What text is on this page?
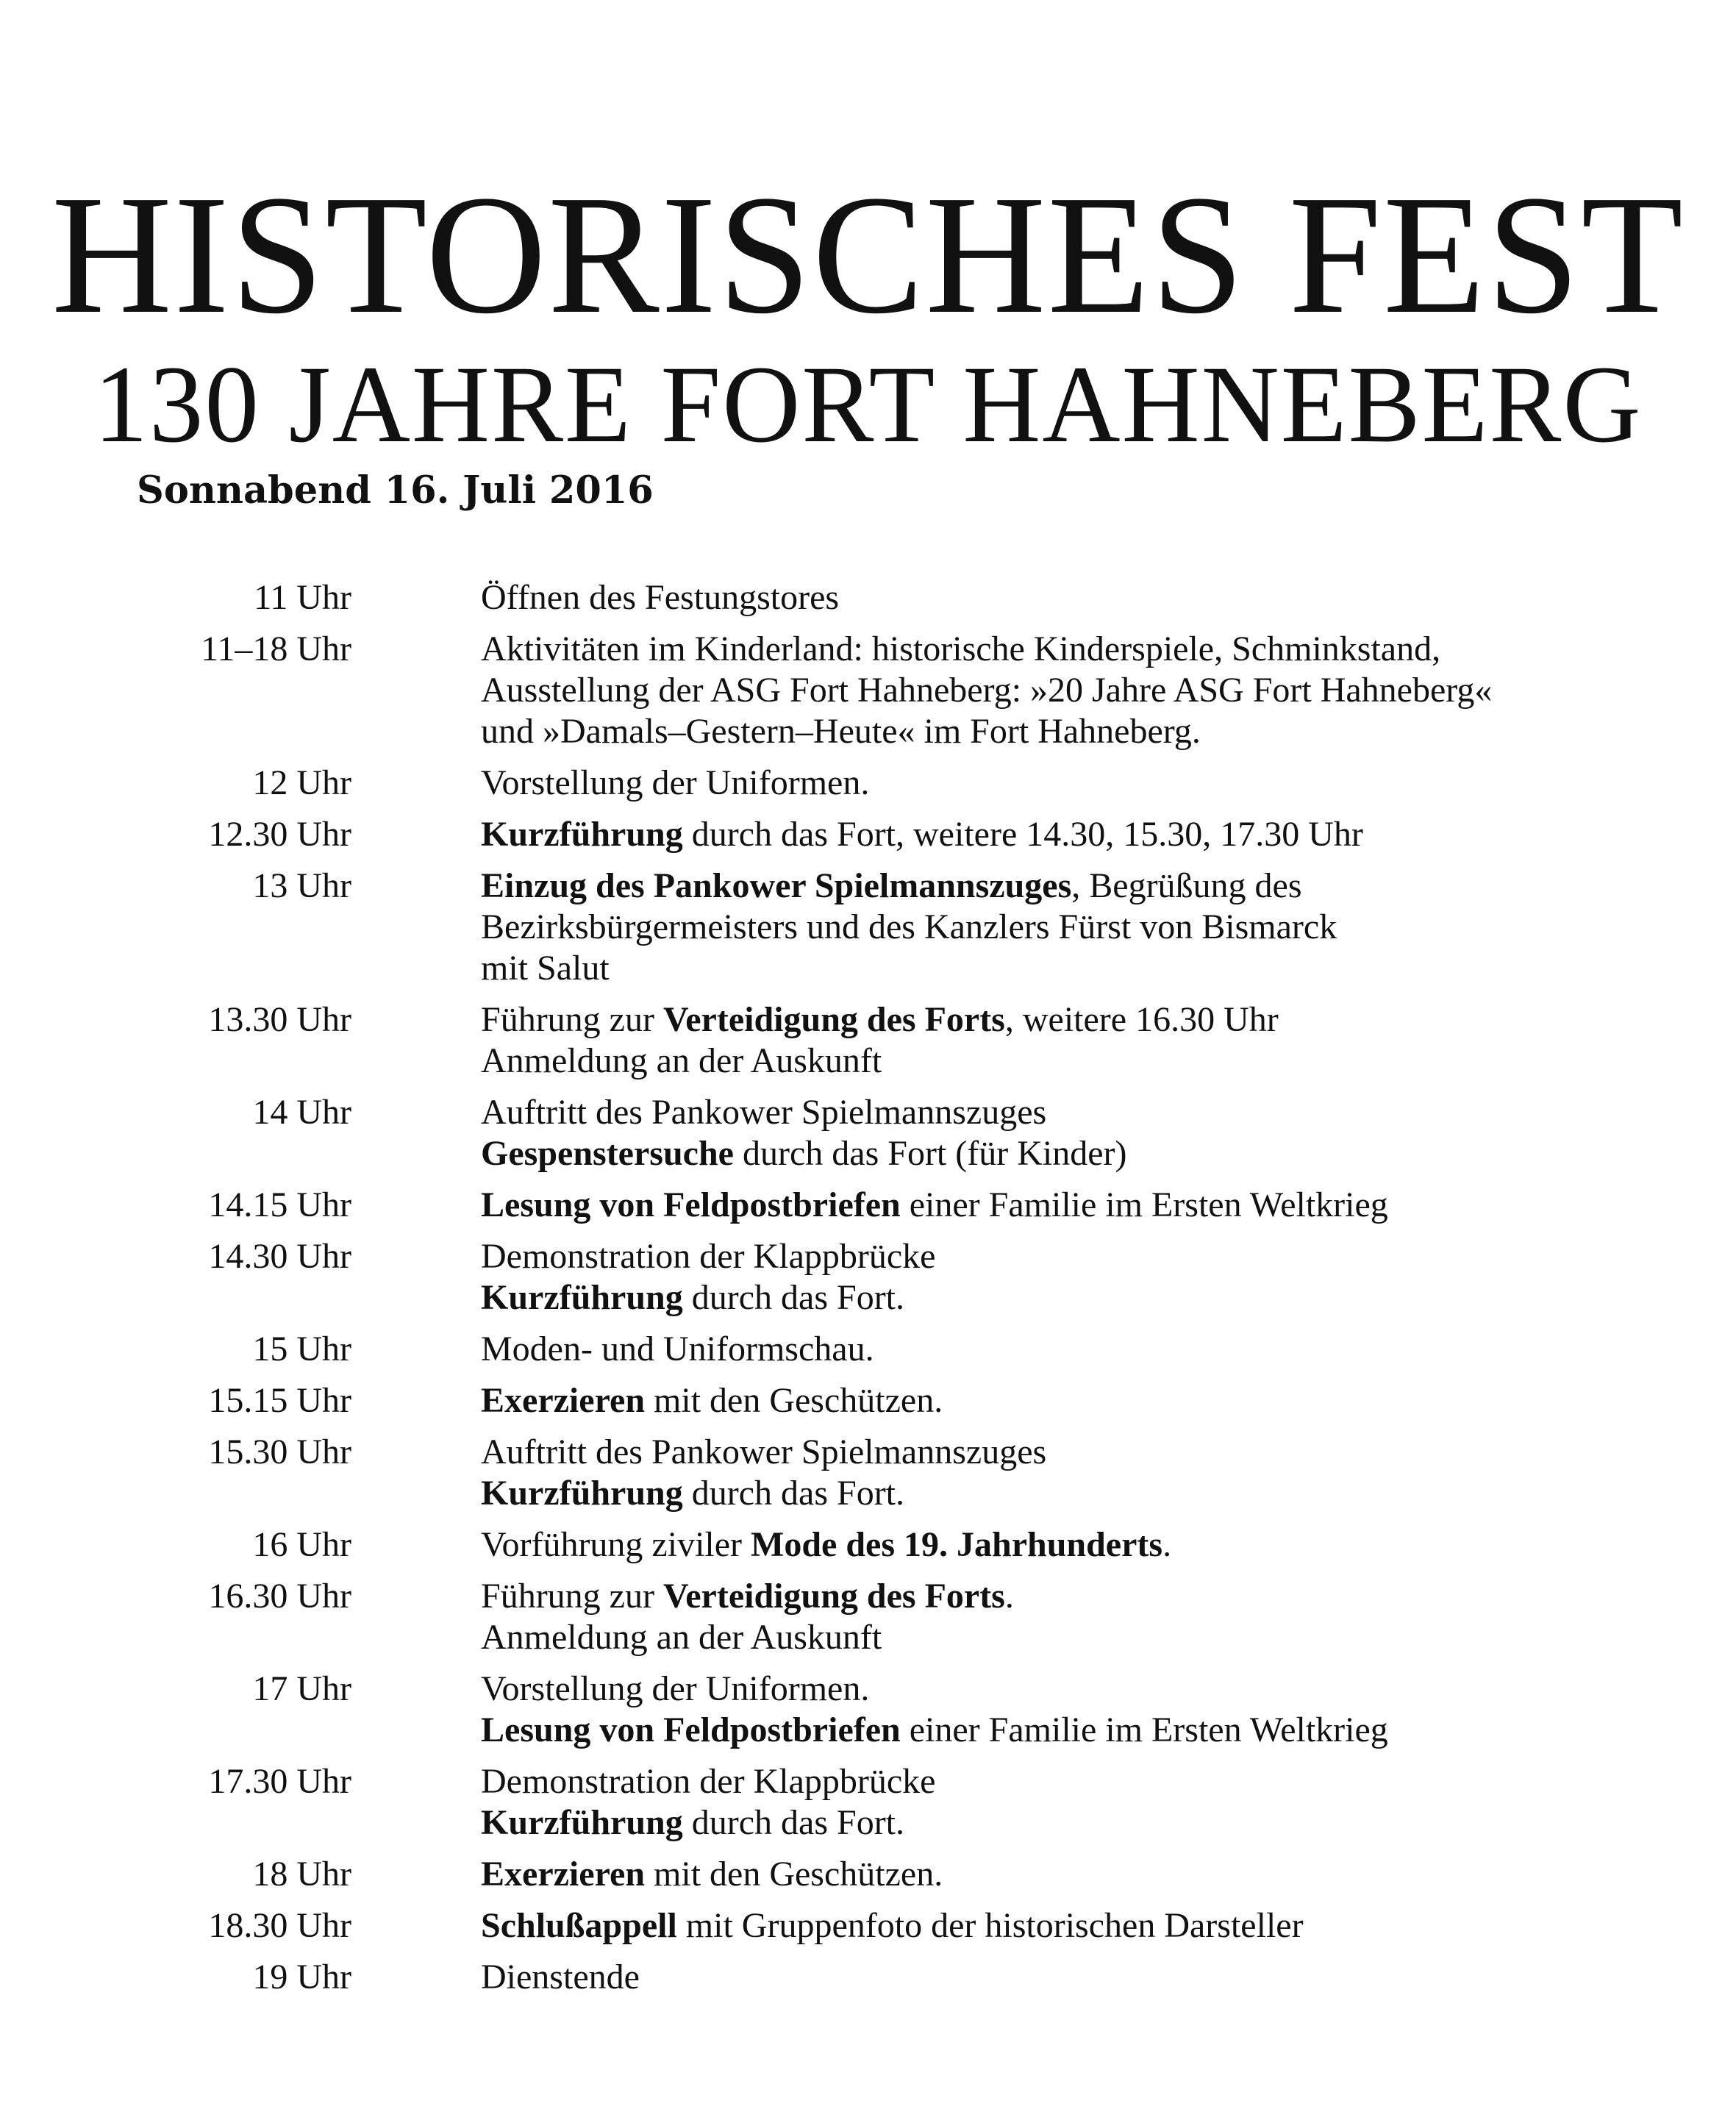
HISTORISCHES FEST
130 JAHRE FORT HAHNEBERG
Sonnabend 16. Juli 2016
11 Uhr	Öffnen des Festungstores
11–18 Uhr	Aktivitäten im Kinderland: historische Kinderspiele, Schminkstand,
Ausstellung der ASG Fort Hahneberg: »20 Jahre ASG Fort Hahneberg«
und »Damals–Gestern–Heute« im Fort Hahneberg.
12 Uhr	Vorstellung der Uniformen.
12.30 Uhr	Kurzführung durch das Fort, weitere 14.30, 15.30, 17.30 Uhr
13 Uhr	Einzug des Pankower Spielmannszuges, Begrüßung des
Bezirksbürgermeisters und des Kanzlers Fürst von Bismarck
mit Salut
13.30 Uhr	Führung zur Verteidigung des Forts, weitere 16.30 Uhr
Anmeldung an der Auskunft
14 Uhr	Auftritt des Pankower Spielmannszuges
Gespenstersuche durch das Fort (für Kinder)
14.15 Uhr	Lesung von Feldpostbriefen einer Familie im Ersten Weltkrieg
14.30 Uhr	Demonstration der Klappbrücke
Kurzführung durch das Fort.
15 Uhr	Moden- und Uniformschau.
15.15 Uhr	Exerzieren mit den Geschützen.
15.30 Uhr	Auftritt des Pankower Spielmannszuges
Kurzführung durch das Fort.
16 Uhr	Vorführung ziviler Mode des 19. Jahrhunderts.
16.30 Uhr	Führung zur Verteidigung des Forts.
Anmeldung an der Auskunft
17 Uhr	Vorstellung der Uniformen.
Lesung von Feldpostbriefen einer Familie im Ersten Weltkrieg
17.30 Uhr	Demonstration der Klappbrücke
Kurzführung durch das Fort.
18 Uhr	Exerzieren mit den Geschützen.
18.30 Uhr	Schlußappell mit Gruppenfoto der historischen Darsteller
19 Uhr	Dienstende
